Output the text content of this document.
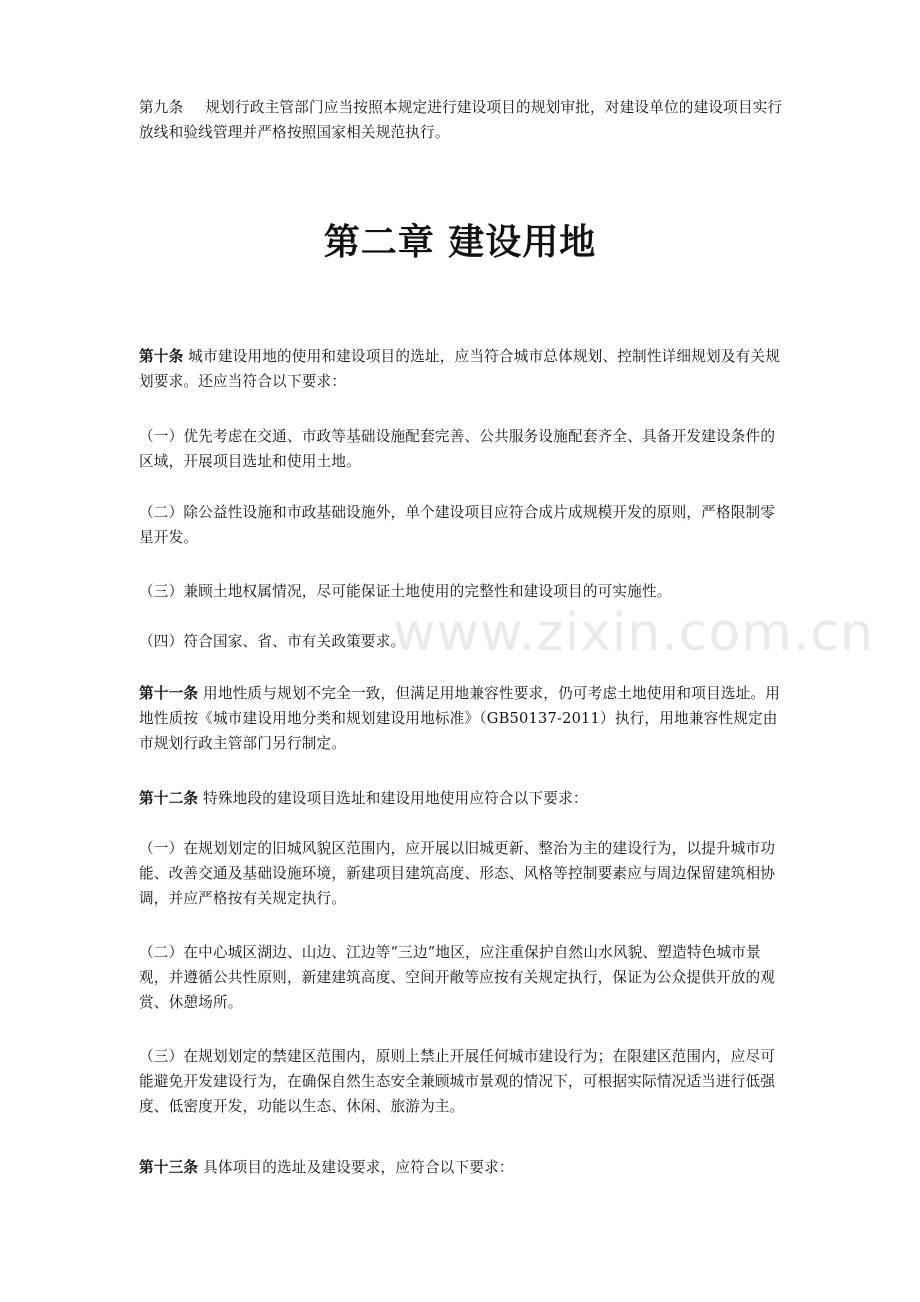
第九条 规划行政主管部门应当按照本规定进行建设项目的规划审批，对建设单位的建设项目实行放线和验线管理并严格按照国家相关规范执行。

第二章 建设用地

第十条 城市建设用地的使用和建设项目的选址，应当符合城市总体规划、控制性详细规划及有关规划要求。还应当符合以下要求：

（一）优先考虑在交通、市政等基础设施配套完善、公共服务设施配套齐全、具备开发建设条件的区域，开展项目选址和使用土地。

（二）除公益性设施和市政基础设施外，单个建设项目应符合成片成规模开发的原则，严格限制零星开发。

（三）兼顾土地权属情况，尽可能保证土地使用的完整性和建设项目的可实施性。

（四）符合国家、省、市有关政策要求。

第十一条 用地性质与规划不完全一致，但满足用地兼容性要求，仍可考虑土地使用和项目选址。用地性质按《城市建设用地分类和规划建设用地标准》（GB50137-2011）执行，用地兼容性规定由市规划行政主管部门另行制定。

第十二条 特殊地段的建设项目选址和建设用地使用应符合以下要求：

（一）在规划划定的旧城风貌区范围内，应开展以旧城更新、整治为主的建设行为，以提升城市功能、改善交通及基础设施环境，新建项目建筑高度、形态、风格等控制要素应与周边保留建筑相协调，并应严格按有关规定执行。

（二）在中心城区湖边、山边、江边等“三边”地区，应注重保护自然山水风貌、塑造特色城市景观，并遵循公共性原则，新建建筑高度、空间开敞等应按有关规定执行，保证为公众提供开放的观赏、休憩场所。

（三）在规划划定的禁建区范围内，原则上禁止开展任何城市建设行为；在限建区范围内，应尽可能避免开发建设行为，在确保自然生态安全兼顾城市景观的情况下，可根据实际情况适当进行低强度、低密度开发，功能以生态、休闲、旅游为主。

第十三条 具体项目的选址及建设要求，应符合以下要求：

www.zixin.com.cn
